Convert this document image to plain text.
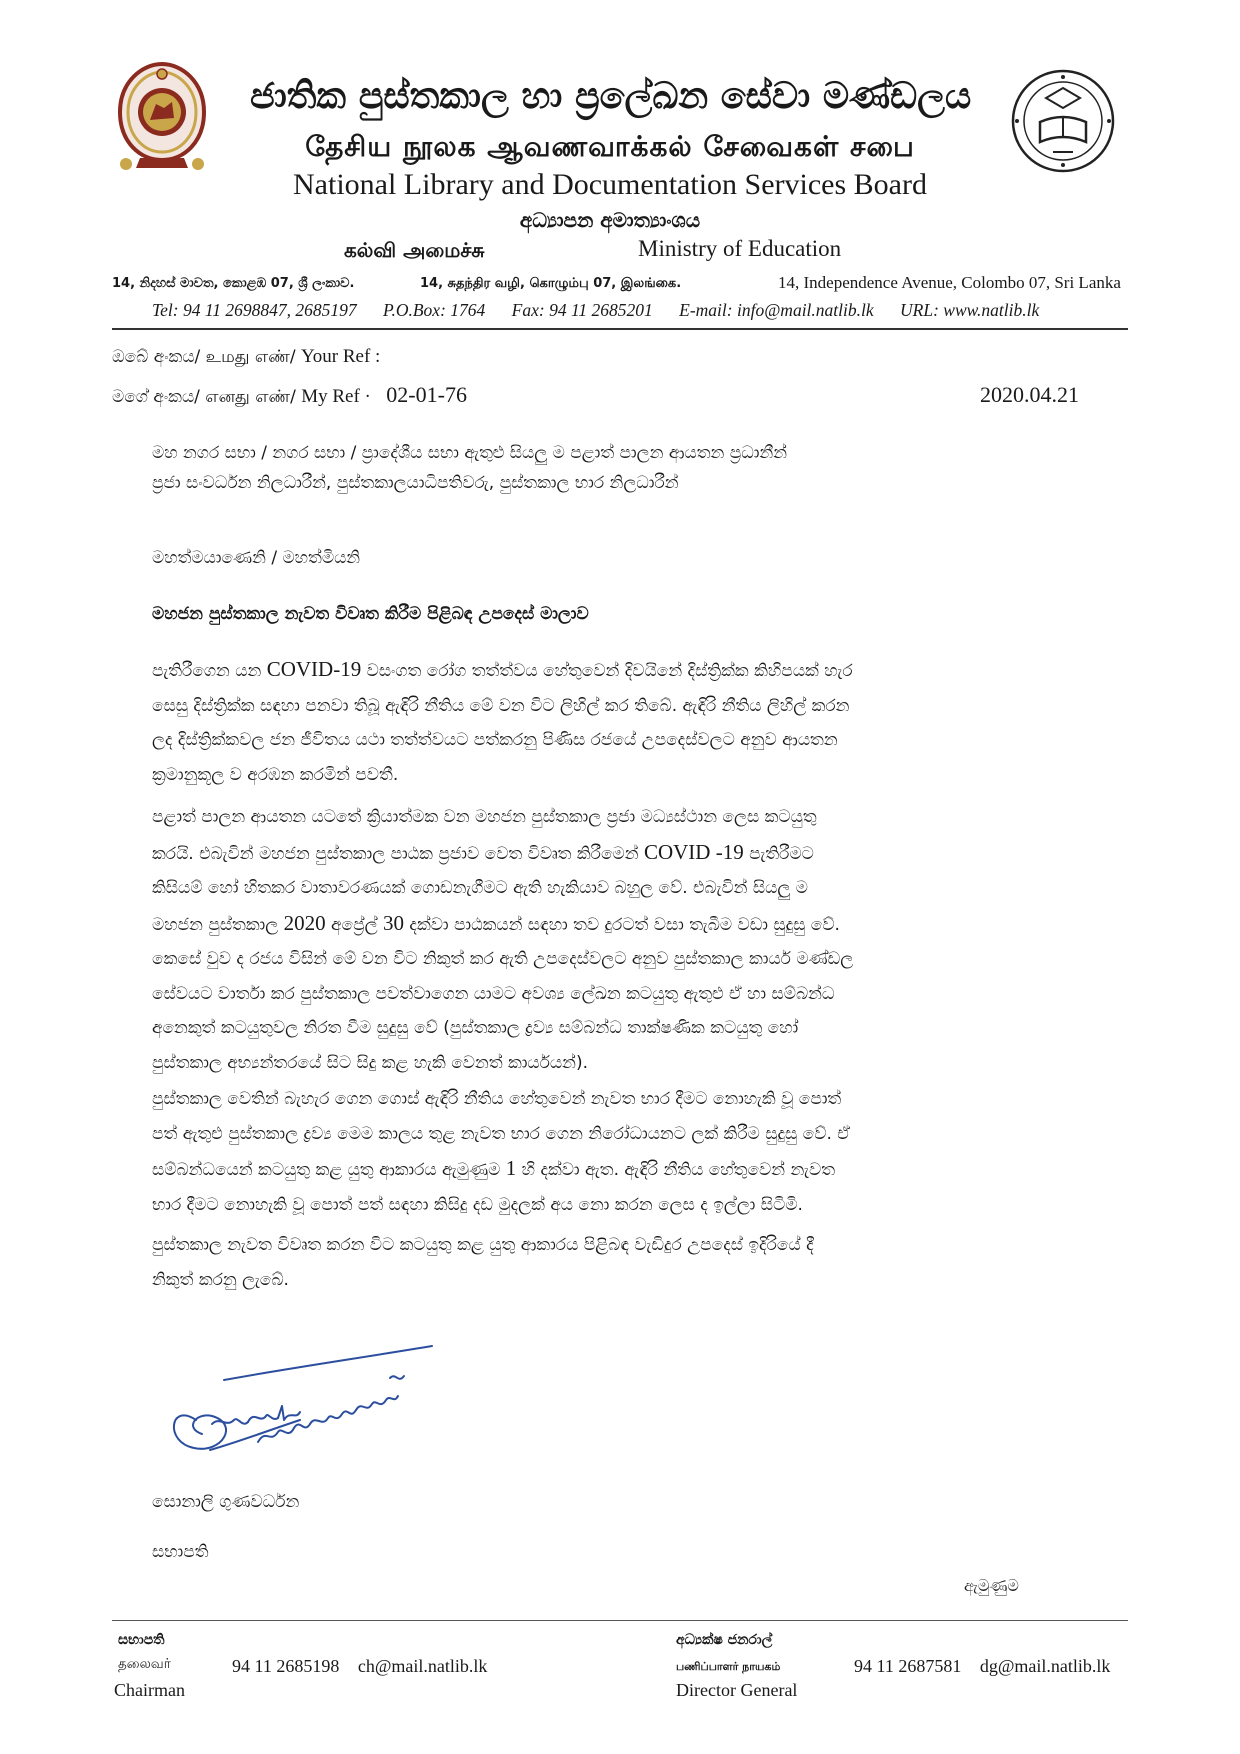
ජාතික පුස්තකාල හා ප්‍රලේඛන සේවා මණ්ඩලය
தேசிய நூலக ஆவணவாக்கல் சேவைகள் சபை
National Library and Documentation Services Board
අධ්‍යාපන අමාත්‍යාංශය
கல்வி அமைச்சு	Ministry of Education
14, නිදහස් මාවත, කොළඹ 07, ශ්‍රී ලංකාව.	14, சுதந்திர வழி, கொழும்பு 07, இலங்கை.	14, Independence Avenue, Colombo 07, Sri Lanka
Tel: 94 11 2698847, 2685197 P.O.Box: 1764 Fax: 94 11 2685201 E-mail: info@mail.natlib.lk URL: www.natlib.lk
ඔබේ අංකය/ உமது எண்/ Your Ref :
මගේ අංකය/ எனது எண்/ My Ref · 02-01-76	2020.04.21
මහ නගර සභා / නගර සභා / ප්‍රාදේශීය සභා ඇතුළු සියලු ම පළාත් පාලන ආයතන ප්‍රධානීන්
ප්‍රජා සංවර්ධන නිලධාරීන්, පුස්තකාලයාධිපතිවරු, පුස්තකාල භාර නිලධාරීන්
මහත්මයාණෙනි / මහත්මියනි
මහජන පුස්තකාල නැවත විවෘත කිරීම පිළිබඳ උපදෙස් මාලාව
පැතිරීගෙන යන COVID-19 වසංගත රෝග තත්ත්වය හේතුවෙන් දිවයිනේ දිස්ත්‍රික්ක කිහිපයක් හැර
සෙසු දිස්ත්‍රික්ක සඳහා පනවා තිබූ ඇඳිරි නීතිය මේ වන විට ලිහිල් කර තිබේ. ඇඳිරි නීතිය ලිහිල් කරන
ලද දිස්ත්‍රික්කවල ජන ජීවිතය යථා තත්ත්වයට පත්කරනු පිණිස රජයේ උපදෙස්වලට අනුව ආයතන
ක්‍රමානුකූල ව අරඹන කරමින් පවතී.
පළාත් පාලන ආයතන යටතේ ක්‍රියාත්මක වන මහජන පුස්තකාල ප්‍රජා මධ්‍යස්ථාන ලෙස කටයුතු
කරයි. එබැවින් මහජන පුස්තකාල පාඨක ප්‍රජාව වෙත විවෘත කිරීමෙන් COVID -19 පැතිරීමට
කිසියම් හෝ හිතකර වාතාවරණයක් ගොඩනැගීමට ඇති හැකියාව බහුල වේ. එබැවින් සියලු ම
මහජන පුස්තකාල 2020 අප්‍රේල් 30 දක්වා පාඨකයන් සඳහා තව දුරටත් වසා තැබීම වඩා සුදුසු වේ.
කෙසේ වුව ද රජය විසින් මේ වන විට නිකුත් කර ඇති උපදෙස්වලට අනුව පුස්තකාල කාර්ය මණ්ඩල
සේවයට වාර්තා කර පුස්තකාල පවත්වාගෙන යාමට අවශ්‍ය ලේඛන කටයුතු ඇතුළු ඒ හා සම්බන්ධ
අනෙකුත් කටයුතුවල නිරත වීම සුදුසු වේ (පුස්තකාල ද්‍රව්‍ය සම්බන්ධ තාක්ෂණික කටයුතු හෝ
පුස්තකාල අභ්‍යන්තරයේ සිට සිදු කළ හැකි වෙනත් කාර්යයන්).
පුස්තකාල වෙතින් බැහැර ගෙන ගොස් ඇඳිරි නීතිය හේතුවෙන් නැවත භාර දීමට නොහැකි වූ පොත්
පත් ඇතුළු පුස්තකාල ද්‍රව්‍ය මෙම කාලය තුළ නැවත භාර ගෙන නිරෝධායනට ලක් කිරීම සුදුසු වේ. ඒ
සම්බන්ධයෙන් කටයුතු කළ යුතු ආකාරය ඇමුණුම 1 හි දක්වා ඇත. ඇඳිරි නීතිය හේතුවෙන් නැවත
භාර දීමට නොහැකි වූ පොත් පත් සඳහා කිසිදු දඩ මුදලක් අය නො කරන ලෙස ද ඉල්ලා සිටිමි.
පුස්තකාල නැවත විවෘත කරන විට කටයුතු කළ යුතු ආකාරය පිළිබඳ වැඩිදුර උපදෙස් ඉදිරියේ දී
නිකුත් කරනු ලැබේ.
සොනාලි ගුණවර්ධන
සභාපති
ඇමුණුම
සභාපති
தலைவர்
Chairman
94 11 2685198 ch@mail.natlib.lk
අධ්‍යක්ෂ ජනරාල්
பணிப்பாளர் நாயகம்
Director General
94 11 2687581 dg@mail.natlib.lk
